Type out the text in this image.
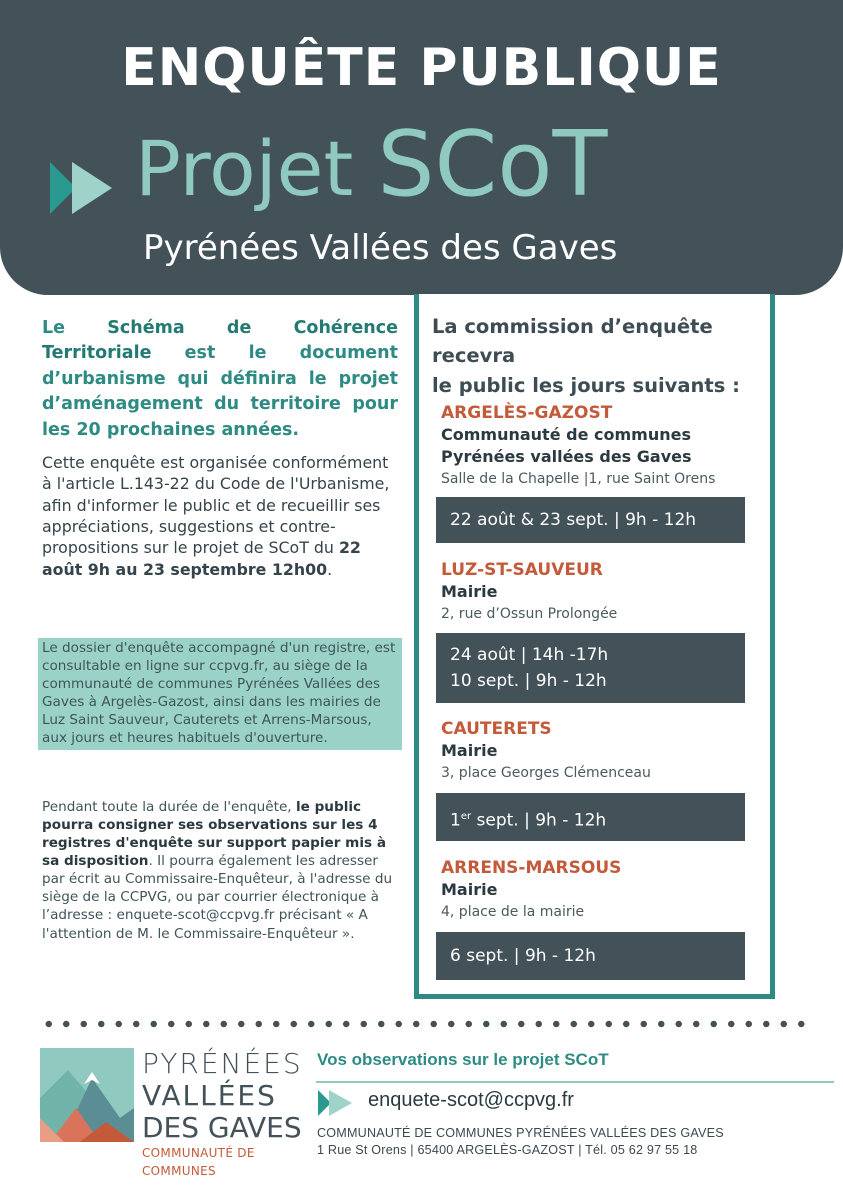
ENQUÊTE PUBLIQUE
Projet SCoT
Pyrénées Vallées des Gaves
Le Schéma de Cohérence Territoriale est le document d’urbanisme qui définira le projet d’aménagement du territoire pour les 20 prochaines années.
Cette enquête est organisée conformément à l'article L.143-22 du Code de l'Urbanisme, afin d'informer le public et de recueillir ses appréciations, suggestions et contre-propositions sur le projet de SCoT du 22 août 9h au 23 septembre 12h00.
Le dossier d'enquête accompagné d'un registre, est consultable en ligne sur ccpvg.fr, au siège de la communauté de communes Pyrénées Vallées des Gaves à Argelès-Gazost, ainsi dans les mairies de Luz Saint Sauveur, Cauterets et Arrens-Marsous, aux jours et heures habituels d'ouverture.
Pendant toute la durée de l'enquête, le public pourra consigner ses observations sur les 4 registres d'enquête sur support papier mis à sa disposition. Il pourra également les adresser par écrit au Commissaire-Enquêteur, à l'adresse du siège de la CCPVG, ou par courrier électronique à l’adresse : enquete-scot@ccpvg.fr précisant « A l'attention de M. le Commissaire-Enquêteur ».
La commission d’enquête recevra
le public les jours suivants :
ARGELÈS-GAZOST
Communauté de communes
Pyrénées vallées des Gaves
Salle de la Chapelle |1, rue Saint Orens
22 août & 23 sept. | 9h - 12h
LUZ-ST-SAUVEUR
Mairie
2, rue d’Ossun Prolongée
24 août | 14h -17h
10 sept. | 9h - 12h
CAUTERETS
Mairie
3, place Georges Clémenceau
1er sept. | 9h - 12h
ARRENS-MARSOUS
Mairie
4, place de la mairie
6 sept. | 9h - 12h
PYRÉNÉES
VALLÉES
DES GAVES
COMMUNAUTÉ DE COMMUNES
Vos observations sur le projet SCoT
enquete-scot@ccpvg.fr
COMMUNAUTÉ DE COMMUNES PYRÉNÉES VALLÉES DES GAVES
1 Rue St Orens | 65400 ARGELÈS-GAZOST | Tél. 05 62 97 55 18
